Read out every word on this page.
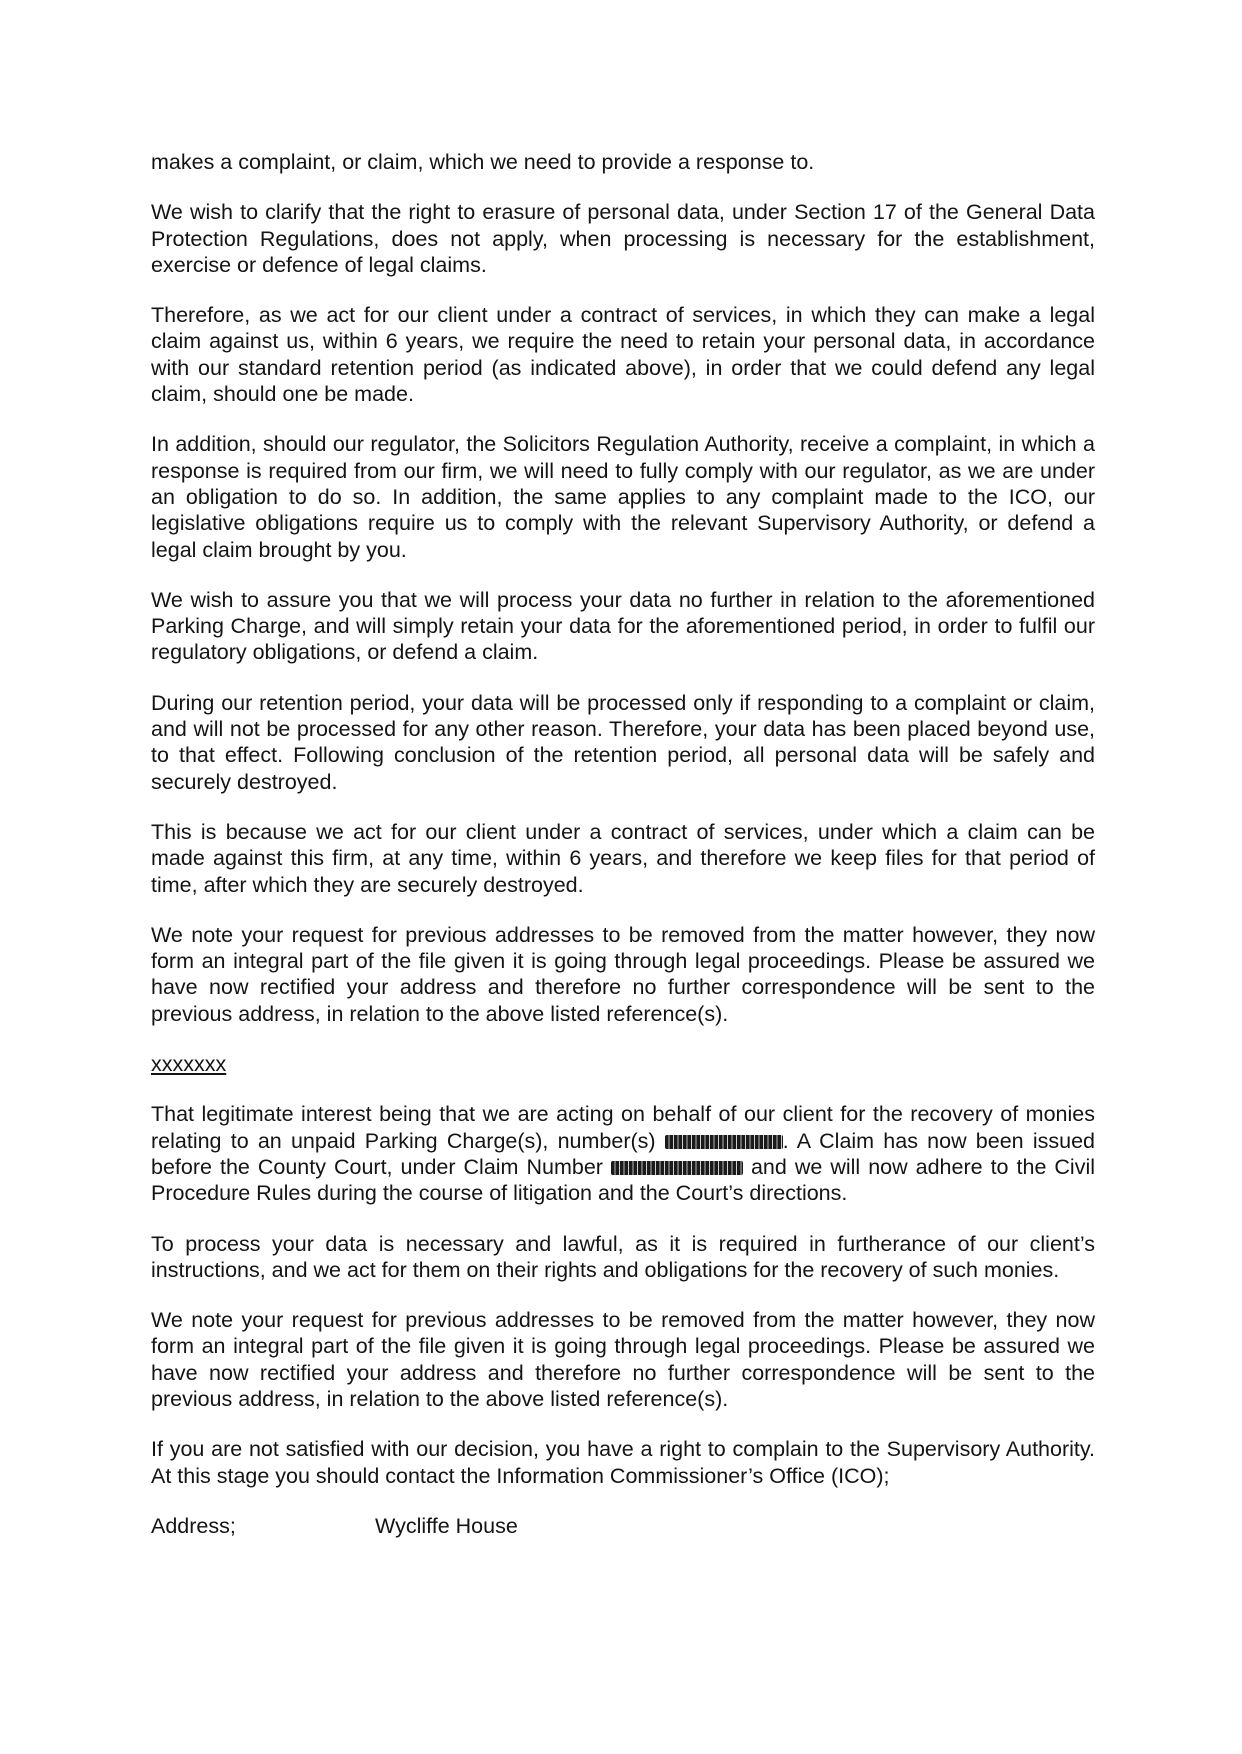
makes a complaint, or claim, which we need to provide a response to.

We wish to clarify that the right to erasure of personal data, under Section 17 of the General Data Protection Regulations, does not apply, when processing is necessary for the establishment, exercise or defence of legal claims.

Therefore, as we act for our client under a contract of services, in which they can make a legal claim against us, within 6 years, we require the need to retain your personal data, in accordance with our standard retention period (as indicated above), in order that we could defend any legal claim, should one be made.

In addition, should our regulator, the Solicitors Regulation Authority, receive a complaint, in which a response is required from our firm, we will need to fully comply with our regulator, as we are under an obligation to do so. In addition, the same applies to any complaint made to the ICO, our legislative obligations require us to comply with the relevant Supervisory Authority, or defend a legal claim brought by you.

We wish to assure you that we will process your data no further in relation to the aforementioned Parking Charge, and will simply retain your data for the aforementioned period, in order to fulfil our regulatory obligations, or defend a claim.

During our retention period, your data will be processed only if responding to a complaint or claim, and will not be processed for any other reason. Therefore, your data has been placed beyond use, to that effect. Following conclusion of the retention period, all personal data will be safely and securely destroyed.

This is because we act for our client under a contract of services, under which a claim can be made against this firm, at any time, within 6 years, and therefore we keep files for that period of time, after which they are securely destroyed.

We note your request for previous addresses to be removed from the matter however, they now form an integral part of the file given it is going through legal proceedings. Please be assured we have now rectified your address and therefore no further correspondence will be sent to the previous address, in relation to the above listed reference(s).

xxxxxxx

That legitimate interest being that we are acting on behalf of our client for the recovery of monies relating to an unpaid Parking Charge(s), number(s)	. A Claim has now been issued before the County Court, under Claim Number	and we will now adhere to the Civil Procedure Rules during the course of litigation and the Court’s directions.

To process your data is necessary and lawful, as it is required in furtherance of our client’s instructions, and we act for them on their rights and obligations for the recovery of such monies.

We note your request for previous addresses to be removed from the matter however, they now form an integral part of the file given it is going through legal proceedings. Please be assured we have now rectified your address and therefore no further correspondence will be sent to the previous address, in relation to the above listed reference(s).

If you are not satisfied with our decision, you have a right to complain to the Supervisory Authority. At this stage you should contact the Information Commissioner’s Office (ICO);

Address;	Wycliffe House
